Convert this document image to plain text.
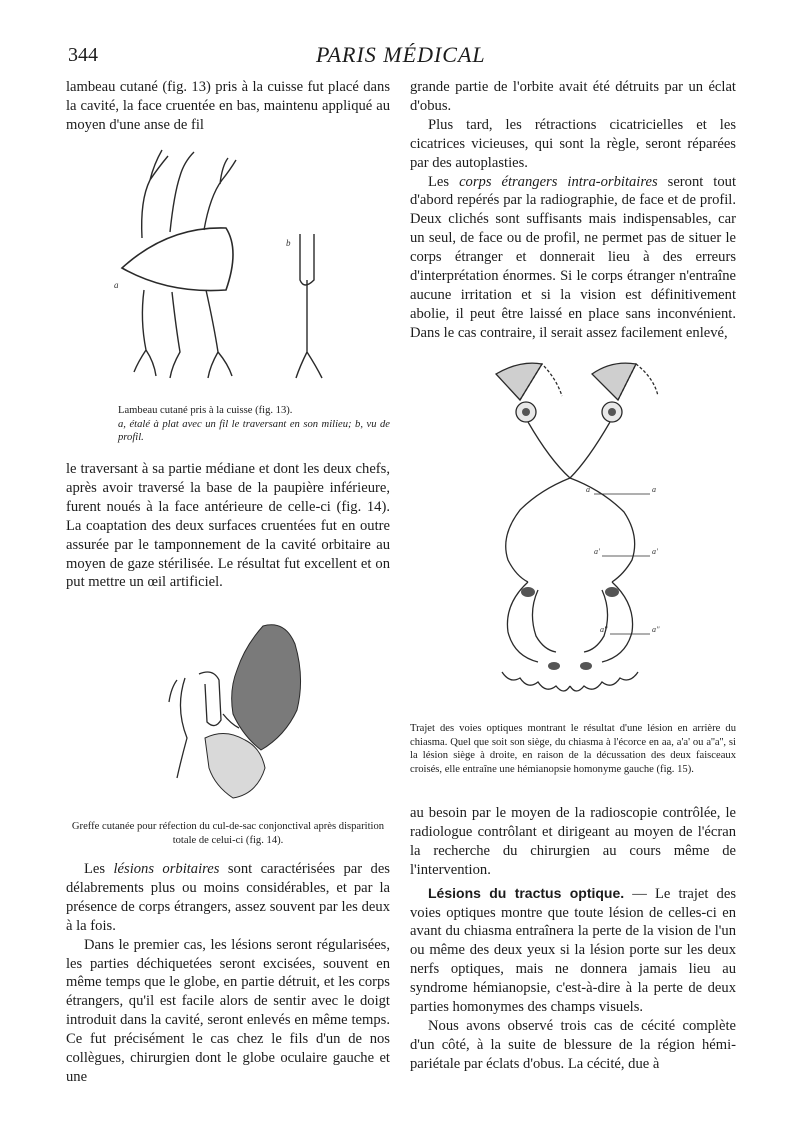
344	PARIS MÉDICAL

lambeau cutané (fig. 13) pris à la cuisse fut placé dans la cavité, la face cruentée en bas, maintenu appliqué au moyen d'une anse de fil

a
b

Lambeau cutané pris à la cuisse (fig. 13).

a, étalé à plat avec un fil le traversant en son milieu; b, vu de profil.

le traversant à sa partie médiane et dont les deux chefs, après avoir traversé la base de la paupière inférieure, furent noués à la face antérieure de celle-ci (fig. 14). La coaptation des deux surfaces cruentées fut en outre assurée par le tamponnement de la cavité orbitaire au moyen de gaze stérilisée. Le résultat fut excellent et on put mettre un œil artificiel.

Greffe cutanée pour réfection du cul-de-sac conjonctival après disparition totale de celui-ci (fig. 14).

Les lésions orbitaires sont caractérisées par des délabrements plus ou moins considérables, et par la présence de corps étrangers, assez souvent par les deux à la fois.

Dans le premier cas, les lésions seront régularisées, les parties déchiquetées seront excisées, souvent en même temps que le globe, en partie détruit, et les corps étrangers, qu'il est facile alors de sentir avec le doigt introduit dans la cavité, seront enlevés en même temps. Ce fut précisément le cas chez le fils d'un de nos collègues, chirurgien dont le globe oculaire gauche et une

grande partie de l'orbite avait été détruits par un éclat d'obus.

Plus tard, les rétractions cicatricielles et les cicatrices vicieuses, qui sont la règle, seront réparées par des autoplasties.

Les corps étrangers intra-orbitaires seront tout d'abord repérés par la radiographie, de face et de profil. Deux clichés sont suffisants mais indispensables, car un seul, de face ou de profil, ne permet pas de situer le corps étranger et donnerait lieu à des erreurs d'interprétation énormes. Si le corps étranger n'entraîne aucune irritation et si la vision est définitivement abolie, il peut être laissé en place sans inconvénient. Dans le cas contraire, il serait assez facilement enlevé,

a	a
a'	a'
a''	a''

Trajet des voies optiques montrant le résultat d'une lésion en arrière du chiasma. Quel que soit son siège, du chiasma à l'écorce en aa, a'a' ou a''a'', si la lésion siège à droite, en raison de la décussation des deux faisceaux croisés, elle entraîne une hémianopsie homonyme gauche (fig. 15).

au besoin par le moyen de la radioscopie contrôlée, le radiologue contrôlant et dirigeant au moyen de l'écran la recherche du chirurgien au cours même de l'intervention.

Lésions du tractus optique. — Le trajet des voies optiques montre que toute lésion de celles-ci en avant du chiasma entraînera la perte de la vision de l'un ou même des deux yeux si la lésion porte sur les deux nerfs optiques, mais ne donnera jamais lieu au syndrome hémianopsie, c'est-à-dire à la perte de deux parties homonymes des champs visuels.

Nous avons observé trois cas de cécité complète d'un côté, à la suite de blessure de la région hémi-pariétale par éclats d'obus. La cécité, due à
